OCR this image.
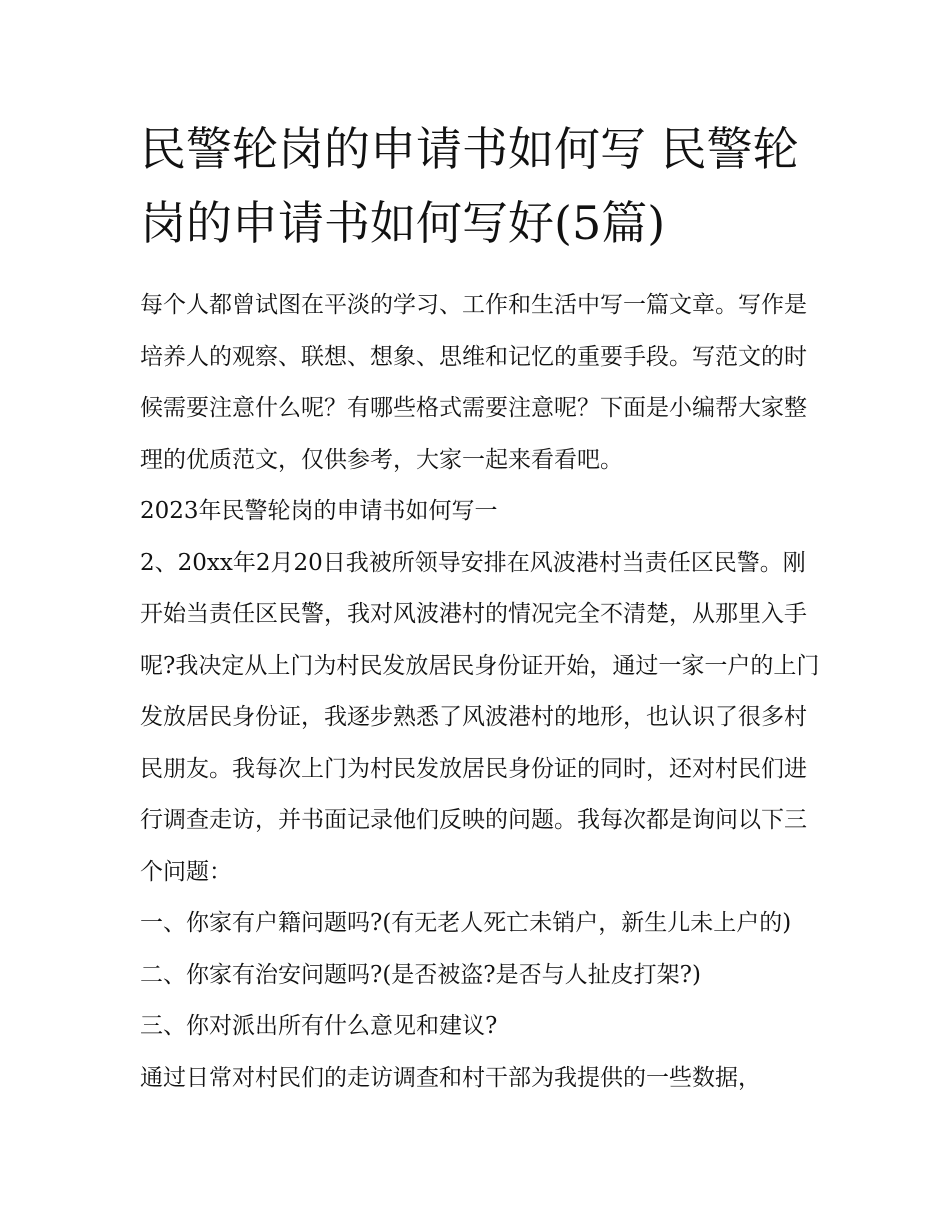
民警轮岗的申请书如何写 民警轮岗的申请书如何写好(5篇)

每个人都曾试图在平淡的学习、工作和生活中写一篇文章。写作是培养人的观察、联想、想象、思维和记忆的重要手段。写范文的时候需要注意什么呢？有哪些格式需要注意呢？下面是小编帮大家整理的优质范文，仅供参考，大家一起来看看吧。

2023年民警轮岗的申请书如何写一

2、20xx年2月20日我被所领导安排在风波港村当责任区民警。刚开始当责任区民警，我对风波港村的情况完全不清楚，从那里入手呢?我决定从上门为村民发放居民身份证开始，通过一家一户的上门发放居民身份证，我逐步熟悉了风波港村的地形，也认识了很多村民朋友。我每次上门为村民发放居民身份证的同时，还对村民们进行调查走访，并书面记录他们反映的问题。我每次都是询问以下三个问题：

一、你家有户籍问题吗?(有无老人死亡未销户，新生儿未上户的) 二、你家有治安问题吗?(是否被盗?是否与人扯皮打架?)

三、你对派出所有什么意见和建议?

通过日常对村民们的走访调查和村干部为我提供的一些数据，
